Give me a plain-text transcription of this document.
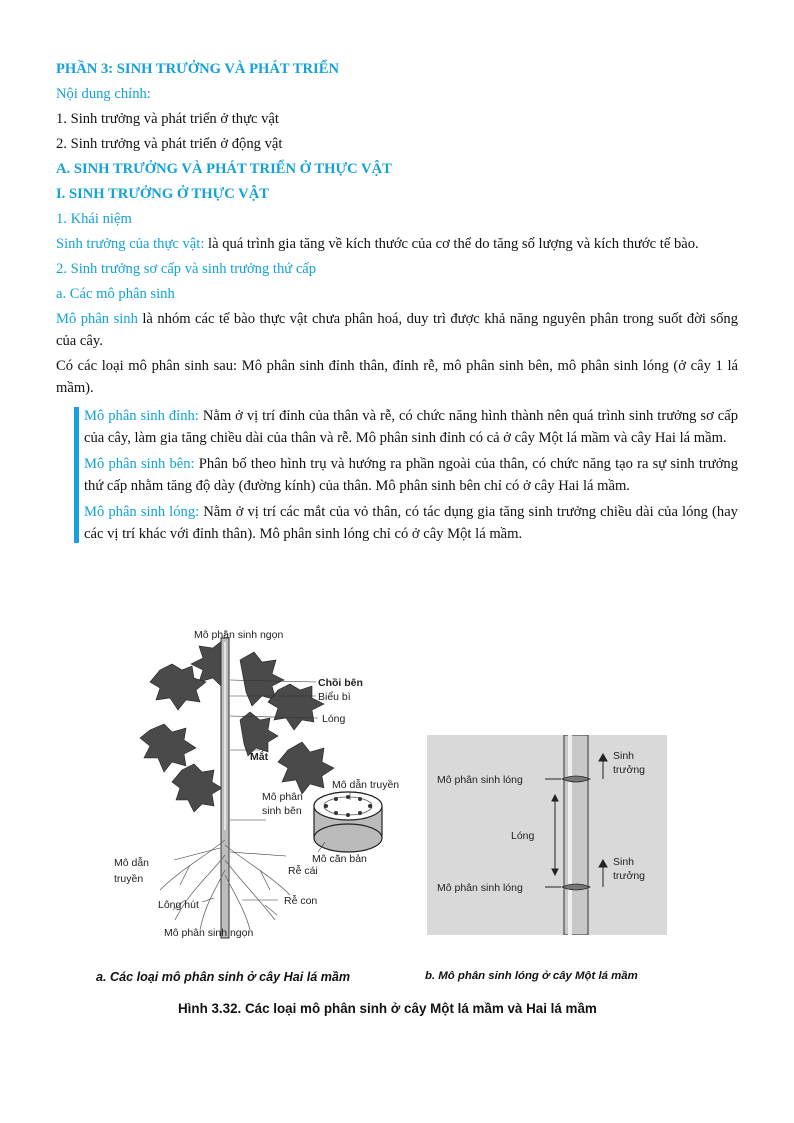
PHẦN 3: SINH TRƯỞNG VÀ PHÁT TRIỂN
Nội dung chính:
1. Sinh trưởng và phát triển ở thực vật
2. Sinh trưởng và phát triển ở động vật
A. SINH TRƯỞNG VÀ PHÁT TRIỂN Ở THỰC VẬT
I. SINH TRƯỞNG Ở THỰC VẬT
1. Khái niệm
Sinh trưởng của thực vật: là quá trình gia tăng về kích thước của cơ thể do tăng số lượng và kích thước tế bào.
2. Sinh trưởng sơ cấp và sinh trưởng thứ cấp
a. Các mô phân sinh
Mô phân sinh là nhóm các tế bào thực vật chưa phân hoá, duy trì được khả năng nguyên phân trong suốt đời sống của cây.
Có các loại mô phân sinh sau: Mô phân sinh đỉnh thân, đỉnh rễ, mô phân sinh bên, mô phân sinh lóng (ở cây 1 lá mầm).
Mô phân sinh đỉnh: Nằm ở vị trí đỉnh của thân và rễ, có chức năng hình thành nên quá trình sinh trưởng sơ cấp của cây, làm gia tăng chiều dài của thân và rễ. Mô phân sinh đỉnh có cả ở cây Một lá mầm và cây Hai lá mầm.
Mô phân sinh bên: Phân bố theo hình trụ và hướng ra phần ngoài của thân, có chức năng tạo ra sự sinh trưởng thứ cấp nhằm tăng độ dày (đường kính) của thân. Mô phân sinh bên chỉ có ở cây Hai lá mầm.
Mô phân sinh lóng: Nằm ở vị trí các mắt của vỏ thân, có tác dụng gia tăng sinh trưởng chiều dài của lóng (hay các vị trí khác với đỉnh thân). Mô phân sinh lóng chỉ có ở cây Một lá mầm.
Mô phân sinh ngọn
Chồi bên
Biểu bì
Lóng
Mắt
Mô dẫn truyền
Mô phân
sinh bên
Mô căn bản
Rễ cái
Mô dẫn
truyền
Lông hút	Rễ con
Mô phân sinh ngọn
Mô phân sinh lóng
Sinh
trưởng
Lóng
Sinh
trưởng
Mô phân sinh lóng
a. Các loại mô phân sinh ở cây Hai lá mầm	b. Mô phân sinh lóng ở cây Một lá mầm
Hình 3.32. Các loại mô phân sinh ở cây Một lá mầm và Hai lá mầm
